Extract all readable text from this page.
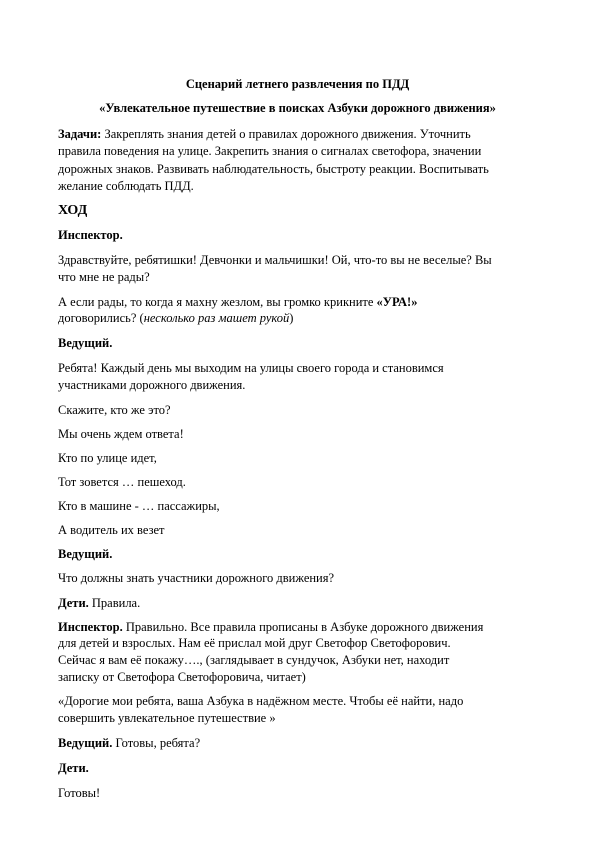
Сценарий летнего развлечения по ПДД
«Увлекательное путешествие в поисках Азбуки дорожного движения»
Задачи: Закреплять знания детей о правилах дорожного движения. Уточнить
правила поведения на улице. Закрепить знания о сигналах светофора, значении
дорожных знаков. Развивать наблюдательность, быстроту реакции. Воспитывать
желание соблюдать ПДД.
ХОД
Инспектор.
Здравствуйте, ребятишки! Девчонки и мальчишки! Ой, что-то вы не веселые? Вы
что мне не рады?
А если рады, то когда я махну жезлом, вы громко крикните «УРА!»
договорились? (несколько раз машет рукой)
Ведущий.
Ребята! Каждый день мы выходим на улицы своего города и становимся
участниками дорожного движения.
Скажите, кто же это?
Мы очень ждем ответа!
Кто по улице идет,
Тот зовется … пешеход.
Кто в машине - … пассажиры,
А водитель их везет
Ведущий.
Что должны знать участники дорожного движения?
Дети. Правила.
Инспектор. Правильно. Все правила прописаны в Азбуке дорожного движения
для детей и взрослых. Нам её прислал мой друг Светофор Светофорович.
Сейчас я вам её покажу…., (заглядывает в сундучок, Азбуки нет, находит
записку от Светофора Светофоровича, читает)
«Дорогие мои ребята, ваша Азбука в надёжном месте. Чтобы её найти, надо
совершить увлекательное путешествие »
Ведущий. Готовы, ребята?
Дети.
Готовы!
